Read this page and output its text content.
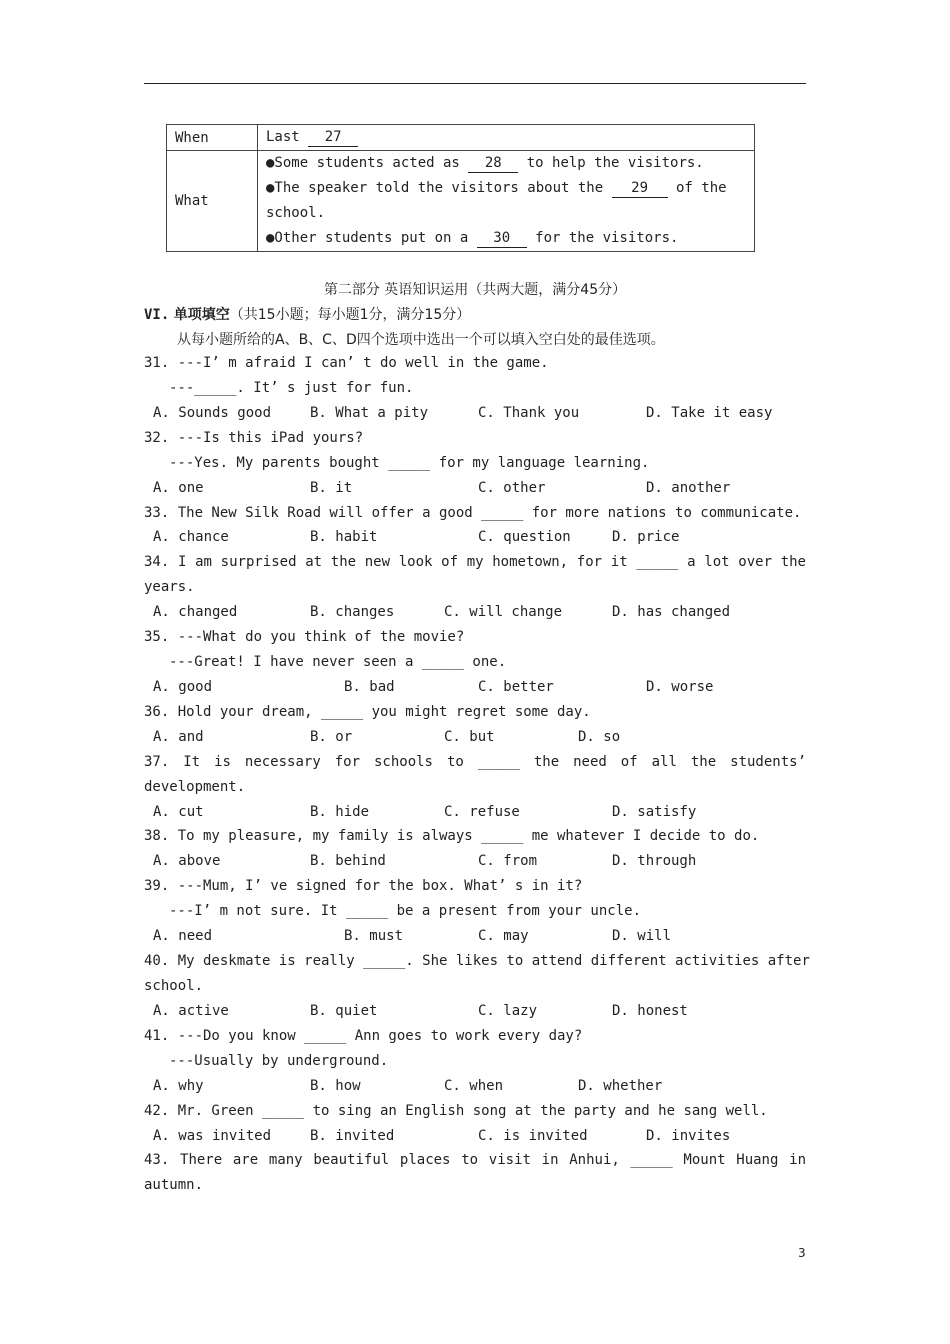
When	Last 27

What	●Some students acted as 28 to help the visitors.
●The speaker told the visitors about the 29 of the
school.
●Other students put on a 30 for the visitors.
第二部分 英语知识运用（共两大题，满分45分）
VI. 单项填空（共15小题；每小题1分，满分15分）
从每小题所给的A、B、C、D四个选项中选出一个可以填入空白处的最佳选项。
31. ---I’ m afraid I can’ t do well in the game.
---_____. It’ s just for fun.
A. Sounds good	B. What a pity	C. Thank you	D. Take it easy
32. ---Is this iPad yours?
---Yes. My parents bought _____ for my language learning.
A. one	B. it	C. other	D. another
33. The New Silk Road will offer a good _____ for more nations to communicate.
A. chance	B. habit	C. question	D. price
34. I am surprised at the new look of my hometown, for it _____ a lot over the
years.
A. changed	B. changes	C. will change	D. has changed
35. ---What do you think of the movie?
---Great! I have never seen a _____ one.
A. good	B. bad	C. better	D. worse
36. Hold your dream, _____ you might regret some day.
A. and	B. or	C. but	D. so
37. It is necessary for schools to _____ the need of all the students’
development.
A. cut	B. hide	C. refuse	D. satisfy
38. To my pleasure, my family is always _____ me whatever I decide to do.
A. above	B. behind	C. from	D. through
39. ---Mum, I’ ve signed for the box. What’ s in it?
---I’ m not sure. It _____ be a present from your uncle.
A. need	B. must	C. may	D. will
40. My deskmate is really _____. She likes to attend different activities after
school.
A. active	B. quiet	C. lazy	D. honest
41. ---Do you know _____ Ann goes to work every day?
---Usually by underground.
A. why	B. how	C. when	D. whether
42. Mr. Green _____ to sing an English song at the party and he sang well.
A. was invited	B. invited	C. is invited	D. invites
43. There are many beautiful places to visit in Anhui, _____ Mount Huang in
autumn.
3
